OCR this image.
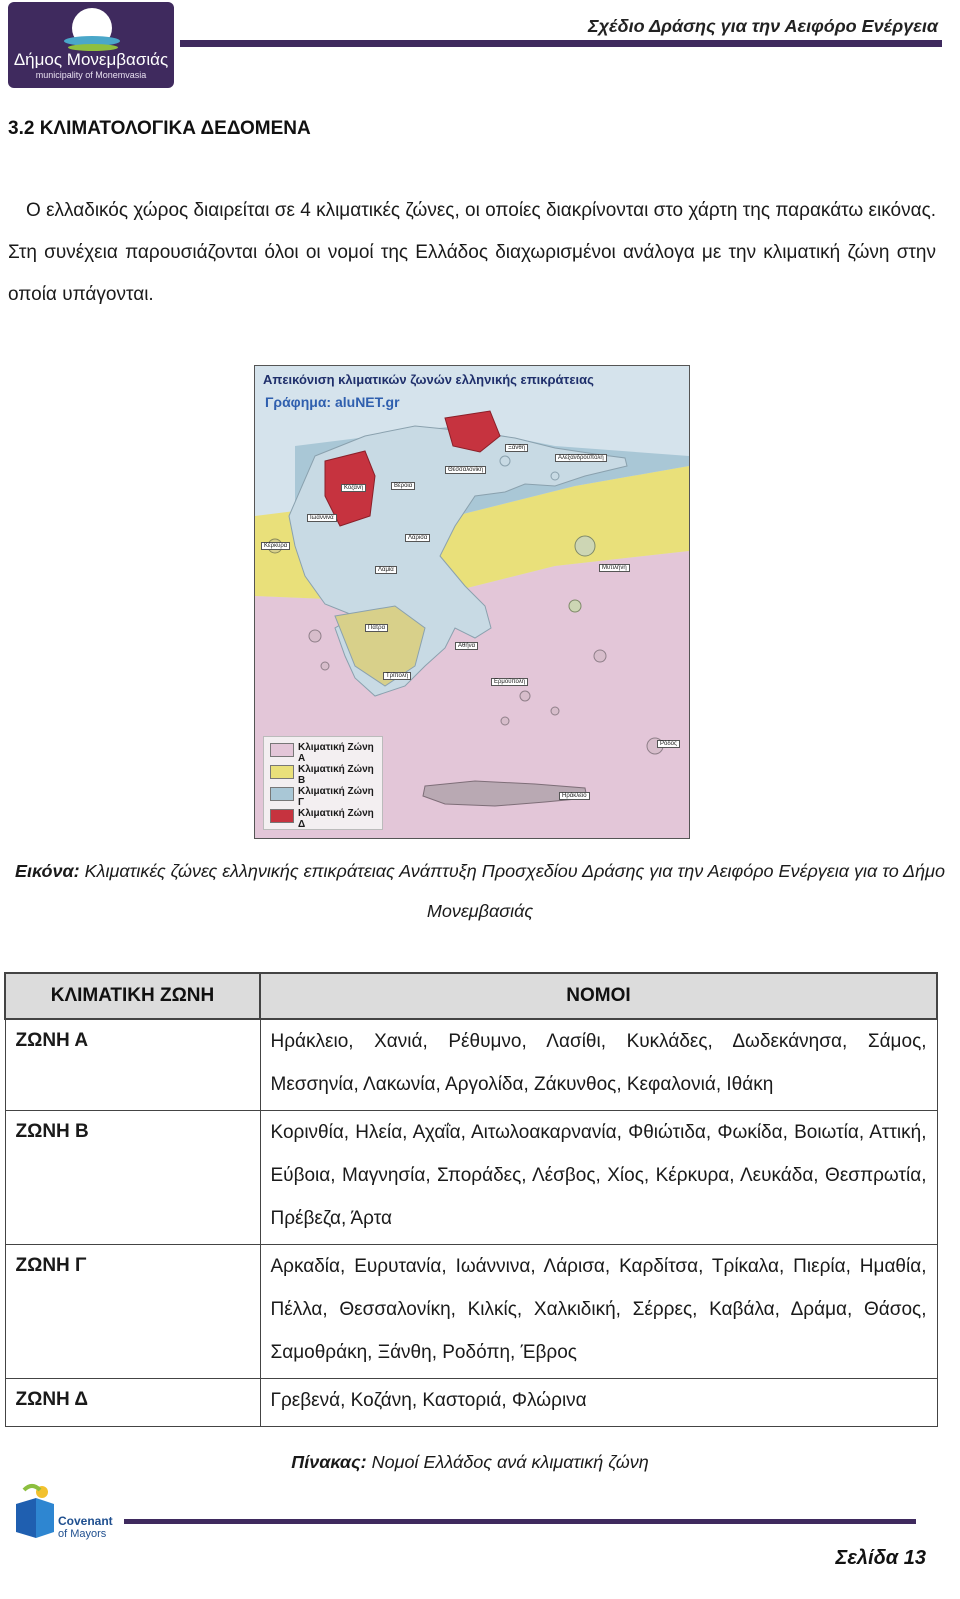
Δήμος Μονεμβασιάς
municipality of Monemvasia
Σχέδιο Δράσης για την Αειφόρο Ενέργεια
3.2 ΚΛΙΜΑΤΟΛΟΓΙΚΑ ΔΕΔΟΜΕΝΑ
Ο ελλαδικός χώρος διαιρείται σε 4 κλιματικές ζώνες, οι οποίες διακρίνονται στο χάρτη της παρακάτω εικόνας. Στη συνέχεια παρουσιάζονται όλοι οι νομοί της Ελλάδος διαχωρισμένοι ανάλογα με την κλιματική ζώνη στην οποία υπάγονται.
Απεικόνιση κλιματικών ζωνών ελληνικής επικράτειας
Γράφημα: aluNET.gr
Θεσσαλονίκη
Αλεξανδρούπολη
Ξάνθη
Κοζάνη	Βέροια
Ιωάννινα
Κέρκυρα
Λάρισα
Λαμία	Μυτιλήνη
Πάτρα
Αθήνα
Τρίπολη
Ερμούπολη
Ρόδος
Ηράκλειο
Κλιματική Ζώνη Α
Κλιματική Ζώνη Β
Κλιματική Ζώνη Γ
Κλιματική Ζώνη Δ
Εικόνα: Κλιματικές ζώνες ελληνικής επικράτειας Ανάπτυξη Προσχεδίου Δράσης για την Αειφόρο Ενέργεια για το Δήμο Μονεμβασιάς
ΚΛΙΜΑΤΙΚΗ ΖΩΝΗ	ΝΟΜΟΙ
ΖΩΝΗ Α	Ηράκλειο, Χανιά, Ρέθυμνο, Λασίθι, Κυκλάδες, Δωδεκάνησα, Σάμος, Μεσσηνία, Λακωνία, Αργολίδα, Ζάκυνθος, Κεφαλονιά, Ιθάκη
ΖΩΝΗ Β	Κορινθία, Ηλεία, Αχαΐα, Αιτωλοακαρνανία, Φθιώτιδα, Φωκίδα, Βοιωτία, Αττική, Εύβοια, Μαγνησία, Σποράδες, Λέσβος, Χίος, Κέρκυρα, Λευκάδα, Θεσπρωτία, Πρέβεζα, Άρτα
ΖΩΝΗ Γ	Αρκαδία, Ευρυτανία, Ιωάννινα, Λάρισα, Καρδίτσα, Τρίκαλα, Πιερία, Ημαθία, Πέλλα, Θεσσαλονίκη, Κιλκίς, Χαλκιδική, Σέρρες, Καβάλα, Δράμα, Θάσος, Σαμοθράκη, Ξάνθη, Ροδόπη, Έβρος
ΖΩΝΗ Δ	Γρεβενά, Κοζάνη, Καστοριά, Φλώρινα
Πίνακας: Νομοί Ελλάδος ανά κλιματική ζώνη
Covenant
of Mayors
Σελίδα 13
